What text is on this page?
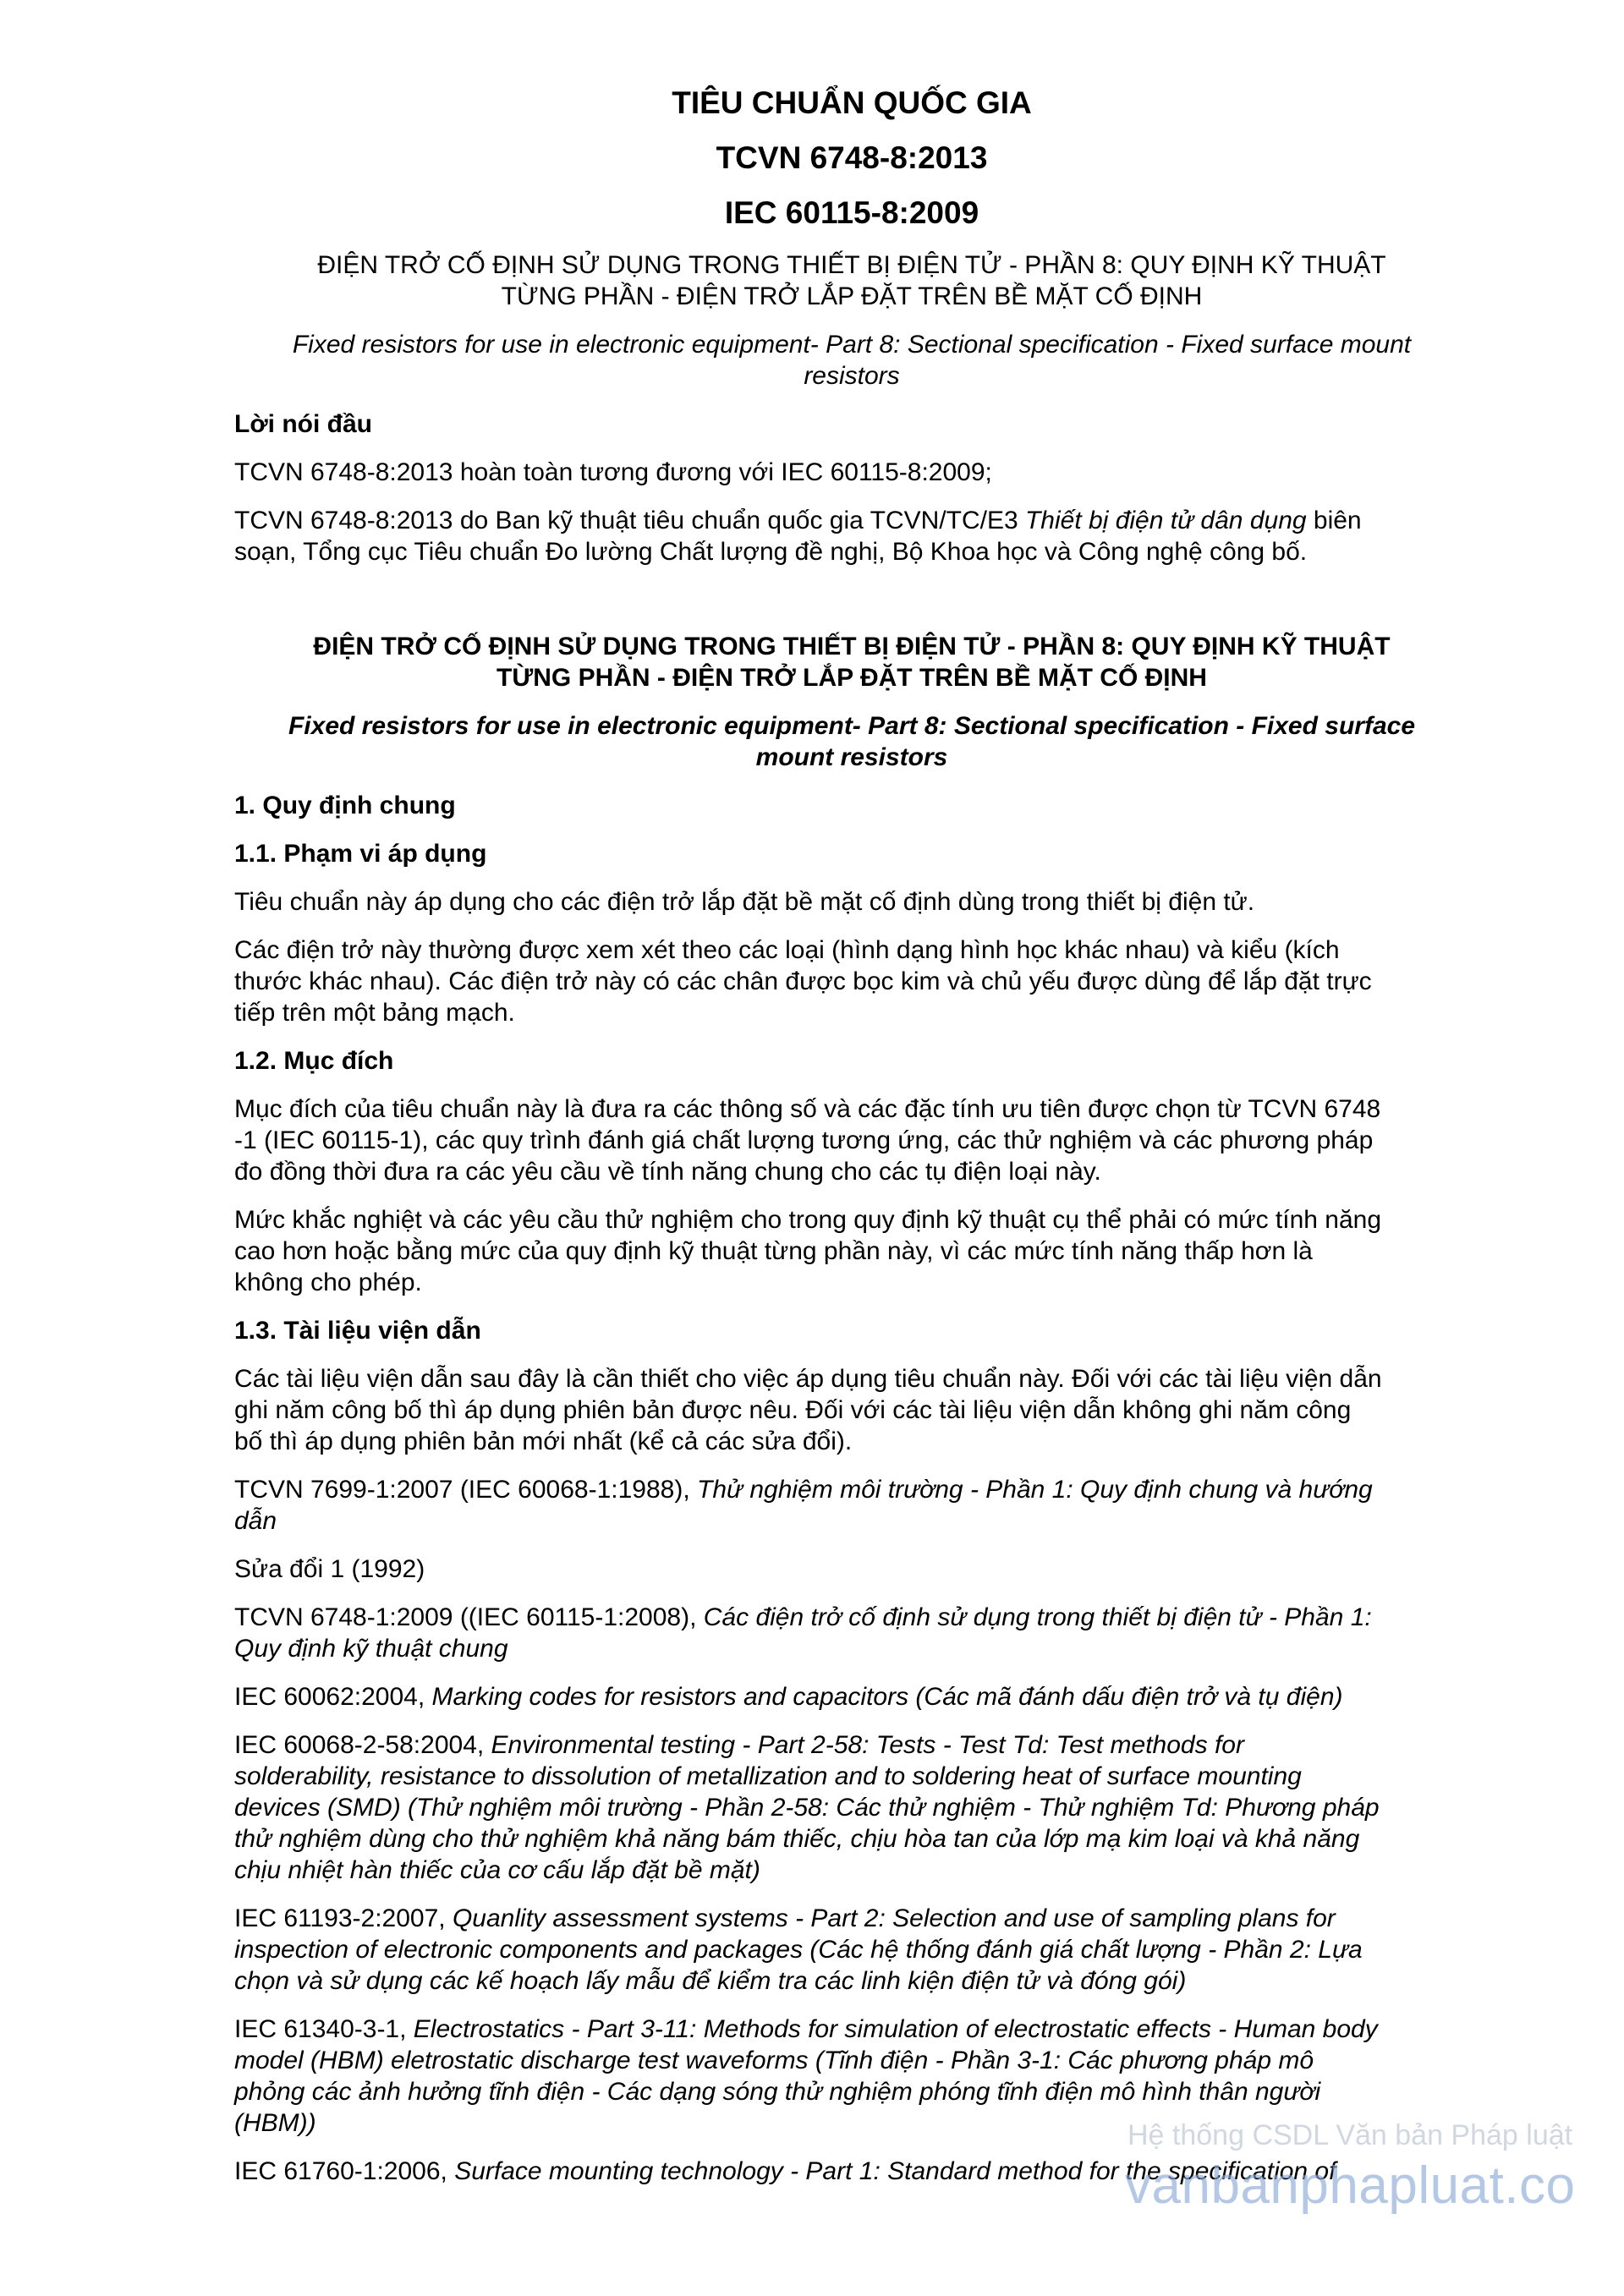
TIÊU CHUẨN QUỐC GIA
TCVN 6748-8:2013
IEC 60115-8:2009
ĐIỆN TRỞ CỐ ĐỊNH SỬ DỤNG TRONG THIẾT BỊ ĐIỆN TỬ - PHẦN 8: QUY ĐỊNH KỸ THUẬT
TỪNG PHẦN - ĐIỆN TRỞ LẮP ĐẶT TRÊN BỀ MẶT CỐ ĐỊNH
Fixed resistors for use in electronic equipment- Part 8: Sectional specification - Fixed surface mount
resistors
Lời nói đầu
TCVN 6748-8:2013 hoàn toàn tương đương với IEC 60115-8:2009;
TCVN 6748-8:2013 do Ban kỹ thuật tiêu chuẩn quốc gia TCVN/TC/E3 Thiết bị điện tử dân dụng biên
soạn, Tổng cục Tiêu chuẩn Đo lường Chất lượng đề nghị, Bộ Khoa học và Công nghệ công bố.
ĐIỆN TRỞ CỐ ĐỊNH SỬ DỤNG TRONG THIẾT BỊ ĐIỆN TỬ - PHẦN 8: QUY ĐỊNH KỸ THUẬT
TỪNG PHẦN - ĐIỆN TRỞ LẮP ĐẶT TRÊN BỀ MẶT CỐ ĐỊNH
Fixed resistors for use in electronic equipment- Part 8: Sectional specification - Fixed surface
mount resistors
1. Quy định chung
1.1. Phạm vi áp dụng
Tiêu chuẩn này áp dụng cho các điện trở lắp đặt bề mặt cố định dùng trong thiết bị điện tử.
Các điện trở này thường được xem xét theo các loại (hình dạng hình học khác nhau) và kiểu (kích
thước khác nhau). Các điện trở này có các chân được bọc kim và chủ yếu được dùng để lắp đặt trực
tiếp trên một bảng mạch.
1.2. Mục đích
Mục đích của tiêu chuẩn này là đưa ra các thông số và các đặc tính ưu tiên được chọn từ TCVN 6748
-1 (IEC 60115-1), các quy trình đánh giá chất lượng tương ứng, các thử nghiệm và các phương pháp
đo đồng thời đưa ra các yêu cầu về tính năng chung cho các tụ điện loại này.
Mức khắc nghiệt và các yêu cầu thử nghiệm cho trong quy định kỹ thuật cụ thể phải có mức tính năng
cao hơn hoặc bằng mức của quy định kỹ thuật từng phần này, vì các mức tính năng thấp hơn là
không cho phép.
1.3. Tài liệu viện dẫn
Các tài liệu viện dẫn sau đây là cần thiết cho việc áp dụng tiêu chuẩn này. Đối với các tài liệu viện dẫn
ghi năm công bố thì áp dụng phiên bản được nêu. Đối với các tài liệu viện dẫn không ghi năm công
bố thì áp dụng phiên bản mới nhất (kể cả các sửa đổi).
TCVN 7699-1:2007 (IEC 60068-1:1988), Thử nghiệm môi trường - Phần 1: Quy định chung và hướng
dẫn
Sửa đổi 1 (1992)
TCVN 6748-1:2009 ((IEC 60115-1:2008), Các điện trở cố định sử dụng trong thiết bị điện tử - Phần 1:
Quy định kỹ thuật chung
IEC 60062:2004, Marking codes for resistors and capacitors (Các mã đánh dấu điện trở và tụ điện)
IEC 60068-2-58:2004, Environmental testing - Part 2-58: Tests - Test Td: Test methods for
solderability, resistance to dissolution of metallization and to soldering heat of surface mounting
devices (SMD) (Thử nghiệm môi trường - Phần 2-58: Các thử nghiệm - Thử nghiệm Td: Phương pháp
thử nghiệm dùng cho thử nghiệm khả năng bám thiếc, chịu hòa tan của lớp mạ kim loại và khả năng
chịu nhiệt hàn thiếc của cơ cấu lắp đặt bề mặt)
IEC 61193-2:2007, Quanlity assessment systems - Part 2: Selection and use of sampling plans for
inspection of electronic components and packages (Các hệ thống đánh giá chất lượng - Phần 2: Lựa
chọn và sử dụng các kế hoạch lấy mẫu để kiểm tra các linh kiện điện tử và đóng gói)
IEC 61340-3-1, Electrostatics - Part 3-11: Methods for simulation of electrostatic effects - Human body
model (HBM) eletrostatic discharge test waveforms (Tĩnh điện - Phần 3-1: Các phương pháp mô
phỏng các ảnh hưởng tĩnh điện - Các dạng sóng thử nghiệm phóng tĩnh điện mô hình thân người
(HBM))
IEC 61760-1:2006, Surface mounting technology - Part 1: Standard method for the specification of
Hệ thống CSDL Văn bản Pháp luật
vanbanphapluat.co
